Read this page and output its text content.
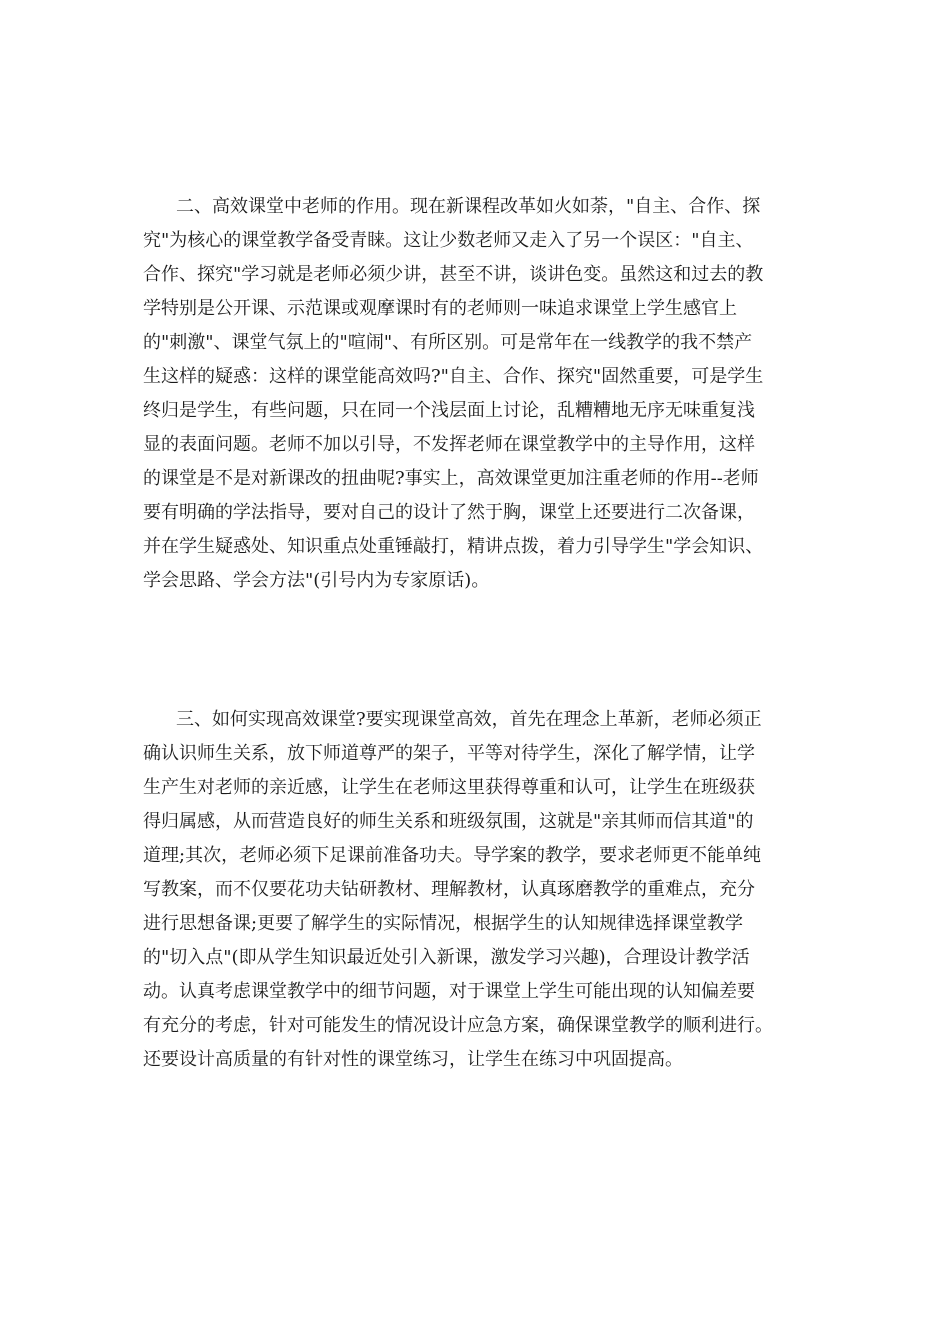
二、高效课堂中老师的作用。现在新课程改革如火如荼，"自主、合作、探
究"为核心的课堂教学备受青睐。这让少数老师又走入了另一个误区："自主、
合作、探究"学习就是老师必须少讲，甚至不讲，谈讲色变。虽然这和过去的教
学特别是公开课、示范课或观摩课时有的老师则一味追求课堂上学生感官上
的"刺激"、课堂气氛上的"喧闹"、有所区别。可是常年在一线教学的我不禁产
生这样的疑惑：这样的课堂能高效吗?"自主、合作、探究"固然重要，可是学生
终归是学生，有些问题，只在同一个浅层面上讨论，乱糟糟地无序无味重复浅
显的表面问题。老师不加以引导，不发挥老师在课堂教学中的主导作用，这样
的课堂是不是对新课改的扭曲呢?事实上，高效课堂更加注重老师的作用--老师
要有明确的学法指导，要对自己的设计了然于胸，课堂上还要进行二次备课，
并在学生疑惑处、知识重点处重锤敲打，精讲点拨，着力引导学生"学会知识、
学会思路、学会方法"(引号内为专家原话)。
三、如何实现高效课堂?要实现课堂高效，首先在理念上革新，老师必须正
确认识师生关系，放下师道尊严的架子，平等对待学生，深化了解学情，让学
生产生对老师的亲近感，让学生在老师这里获得尊重和认可，让学生在班级获
得归属感，从而营造良好的师生关系和班级氛围，这就是"亲其师而信其道"的
道理;其次，老师必须下足课前准备功夫。导学案的教学，要求老师更不能单纯
写教案，而不仅要花功夫钻研教材、理解教材，认真琢磨教学的重难点，充分
进行思想备课;更要了解学生的实际情况，根据学生的认知规律选择课堂教学
的"切入点"(即从学生知识最近处引入新课，激发学习兴趣)，合理设计教学活
动。认真考虑课堂教学中的细节问题，对于课堂上学生可能出现的认知偏差要
有充分的考虑，针对可能发生的情况设计应急方案，确保课堂教学的顺利进行。
还要设计高质量的有针对性的课堂练习，让学生在练习中巩固提高。
